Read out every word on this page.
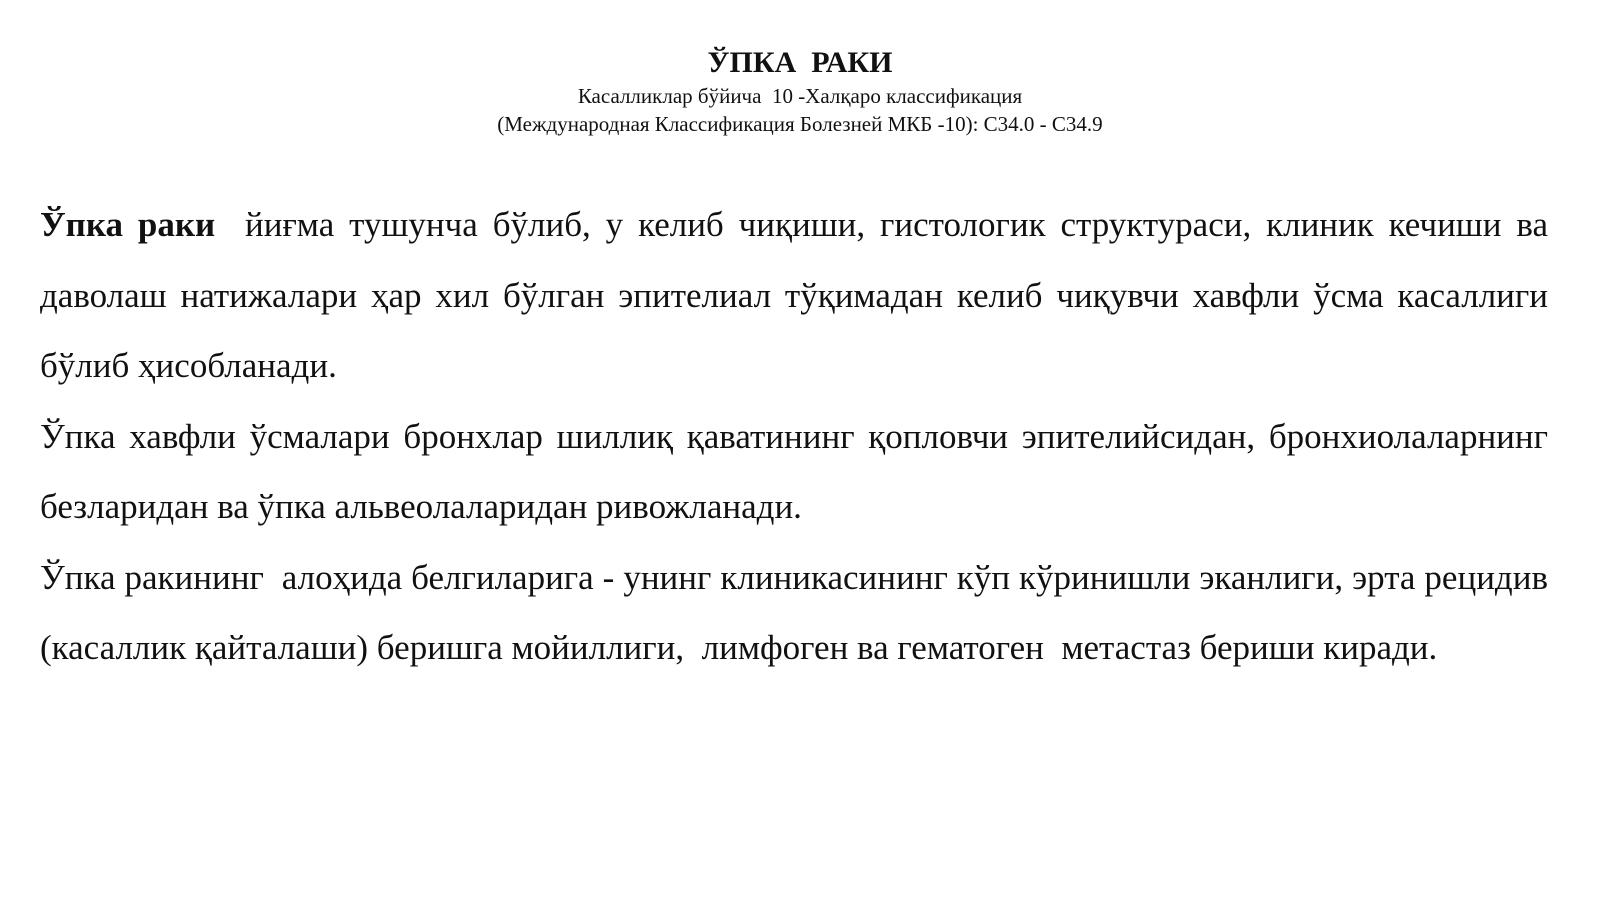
ЎПКА  РАКИ

Касалликлар бўйича  10 -Халқаро классификация

(Международная Классификация Болезней МКБ -10): С34.0 - С34.9

Ўпка раки  йиғма тушунча бўлиб, у келиб чиқиши, гистологик структураси, клиник кечиши ва даволаш натижалари ҳар хил бўлган эпителиал тўқимадан келиб чиқувчи хавфли ўсма касаллиги бўлиб ҳисобланади.

Ўпка хавфли ўсмалари бронхлар шиллиқ қаватининг қопловчи эпителийсидан, бронхиолаларнинг безларидан ва ўпка альвеолаларидан ривожланади.

Ўпка ракининг  алоҳида белгиларига - унинг клиникасининг кўп кўринишли эканлиги, эрта рецидив (касаллик қайталаши) беришга мойиллиги,  лимфоген ва гематоген  метастаз бериши киради.
